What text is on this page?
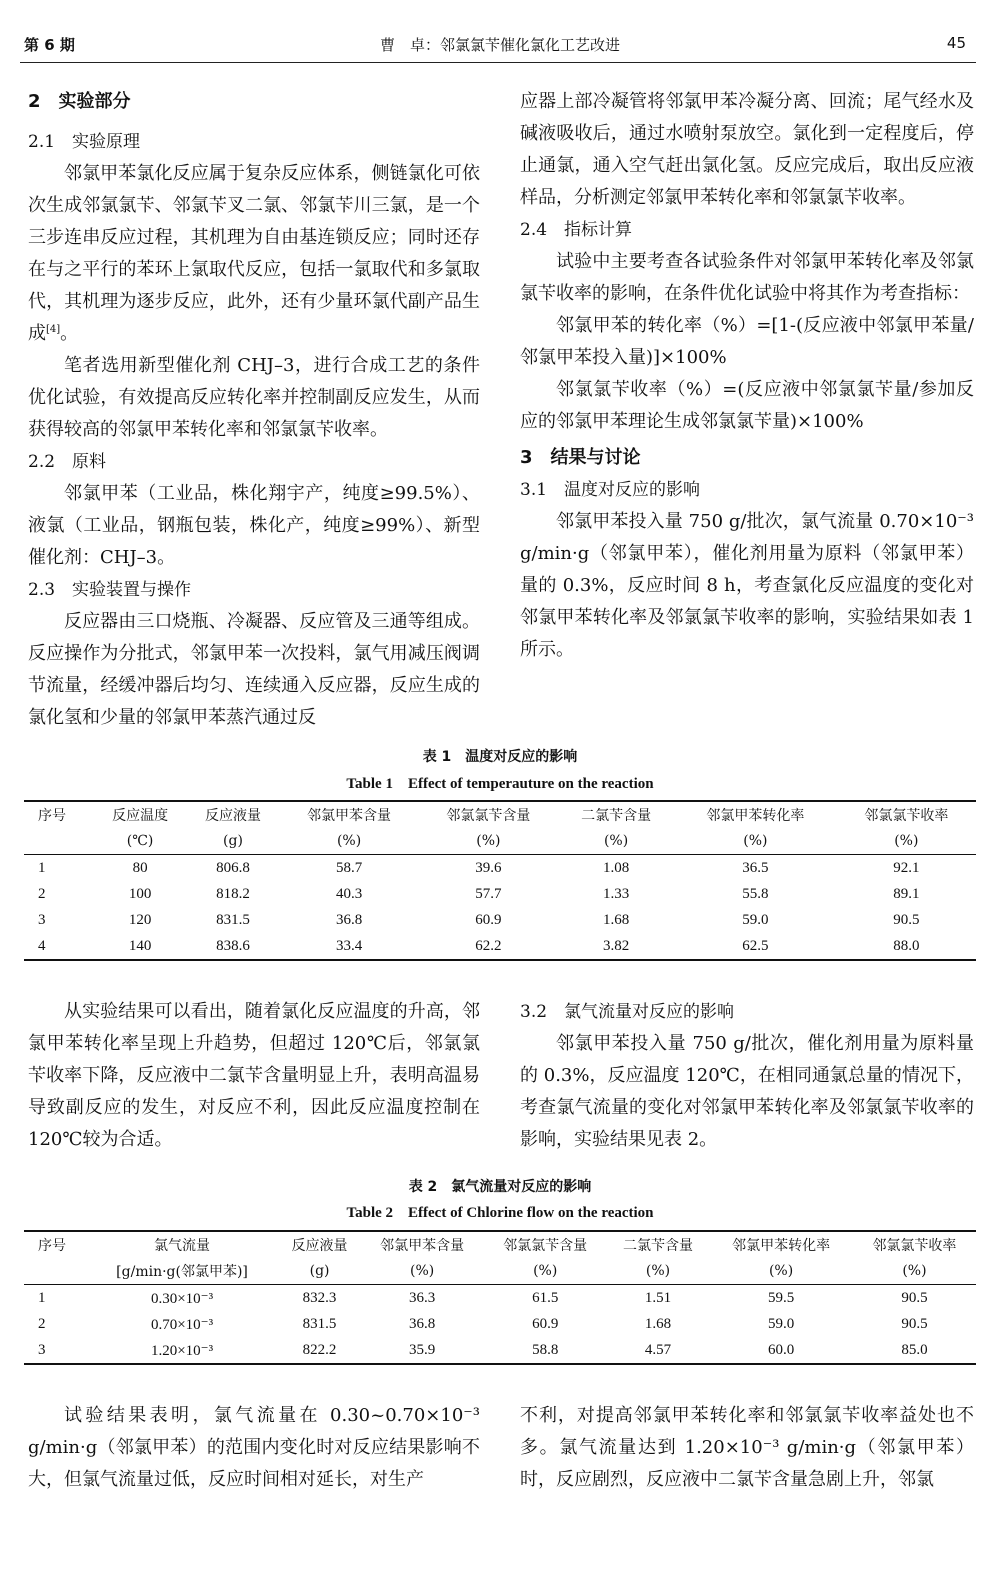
第 6 期	曹　卓：邻氯氯苄催化氯化工艺改进	45

2　实验部分

2.1　实验原理

邻氯甲苯氯化反应属于复杂反应体系，侧链氯化可依次生成邻氯氯苄、邻氯苄叉二氯、邻氯苄川三氯，是一个三步连串反应过程，其机理为自由基连锁反应；同时还存在与之平行的苯环上氯取代反应，包括一氯取代和多氯取代，其机理为逐步反应，此外，还有少量环氯代副产品生成[4]。

笔者选用新型催化剂 CHJ–3，进行合成工艺的条件优化试验，有效提高反应转化率并控制副反应发生，从而获得较高的邻氯甲苯转化率和邻氯氯苄收率。

2.2　原料

邻氯甲苯（工业品，株化翔宇产，纯度≥99.5%）、液氯（工业品，钢瓶包装，株化产，纯度≥99%）、新型催化剂：CHJ–3。

2.3　实验装置与操作

反应器由三口烧瓶、冷凝器、反应管及三通等组成。反应操作为分批式，邻氯甲苯一次投料，氯气用减压阀调节流量，经缓冲器后均匀、连续通入反应器，反应生成的氯化氢和少量的邻氯甲苯蒸汽通过反

应器上部冷凝管将邻氯甲苯冷凝分离、回流；尾气经水及碱液吸收后，通过水喷射泵放空。氯化到一定程度后，停止通氯，通入空气赶出氯化氢。反应完成后，取出反应液样品，分析测定邻氯甲苯转化率和邻氯氯苄收率。

2.4　指标计算

试验中主要考查各试验条件对邻氯甲苯转化率及邻氯氯苄收率的影响，在条件优化试验中将其作为考查指标：

邻氯甲苯的转化率（%）=[1-(反应液中邻氯甲苯量/邻氯甲苯投入量)]×100%

邻氯氯苄收率（%）=(反应液中邻氯氯苄量/参加反应的邻氯甲苯理论生成邻氯氯苄量)×100%

3　结果与讨论

3.1　温度对反应的影响

邻氯甲苯投入量 750 g/批次，氯气流量 0.70×10⁻³ g/min·g（邻氯甲苯），催化剂用量为原料（邻氯甲苯）量的 0.3%，反应时间 8 h，考查氯化反应温度的变化对邻氯甲苯转化率及邻氯氯苄收率的影响，实验结果如表 1 所示。

表 1　温度对反应的影响
Table 1　Effect of temperauture on the reaction
序号	反应温度	反应液量	邻氯甲苯含量	邻氯氯苄含量	二氯苄含量	邻氯甲苯转化率	邻氯氯苄收率
	(℃)	(g)	(%)	(%)	(%)	(%)	(%)
1	80	806.8	58.7	39.6	1.08	36.5	92.1
2	100	818.2	40.3	57.7	1.33	55.8	89.1
3	120	831.5	36.8	60.9	1.68	59.0	90.5
4	140	838.6	33.4	62.2	3.82	62.5	88.0

从实验结果可以看出，随着氯化反应温度的升高，邻氯甲苯转化率呈现上升趋势，但超过 120℃后，邻氯氯苄收率下降，反应液中二氯苄含量明显上升，表明高温易导致副反应的发生，对反应不利，因此反应温度控制在 120℃较为合适。

3.2　氯气流量对反应的影响

邻氯甲苯投入量 750 g/批次，催化剂用量为原料量的 0.3%，反应温度 120℃，在相同通氯总量的情况下，考查氯气流量的变化对邻氯甲苯转化率及邻氯氯苄收率的影响，实验结果见表 2。

表 2　氯气流量对反应的影响
Table 2　Effect of Chlorine flow on the reaction
序号	氯气流量	反应液量	邻氯甲苯含量	邻氯氯苄含量	二氯苄含量	邻氯甲苯转化率	邻氯氯苄收率
	[g/min·g(邻氯甲苯)]	(g)	(%)	(%)	(%)	(%)	(%)
1	0.30×10⁻³	832.3	36.3	61.5	1.51	59.5	90.5
2	0.70×10⁻³	831.5	36.8	60.9	1.68	59.0	90.5
3	1.20×10⁻³	822.2	35.9	58.8	4.57	60.0	85.0

试验结果表明，氯气流量在 0.30~0.70×10⁻³ g/min·g（邻氯甲苯）的范围内变化时对反应结果影响不大，但氯气流量过低，反应时间相对延长，对生产

不利，对提高邻氯甲苯转化率和邻氯氯苄收率益处也不多。氯气流量达到 1.20×10⁻³ g/min·g（邻氯甲苯）时，反应剧烈，反应液中二氯苄含量急剧上升，邻氯
